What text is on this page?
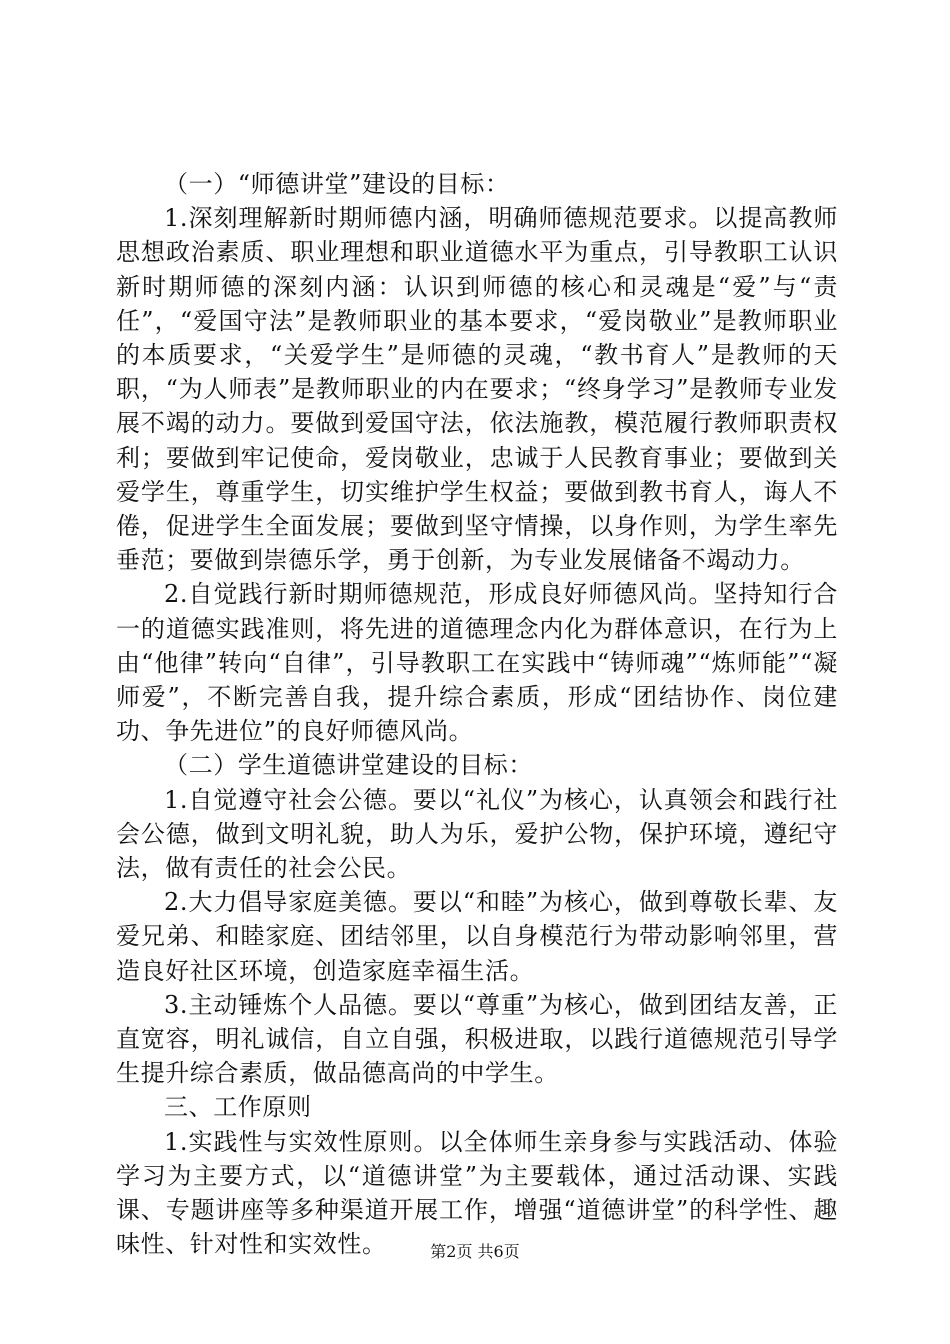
（一）“师德讲堂”建设的目标：

1.深刻理解新时期师德内涵，明确师德规范要求。以提高教师思想政治素质、职业理想和职业道德水平为重点，引导教职工认识新时期师德的深刻内涵：认识到师德的核心和灵魂是“爱”与“责任”，“爱国守法”是教师职业的基本要求，“爱岗敬业”是教师职业的本质要求，“关爱学生”是师德的灵魂，“教书育人”是教师的天职，“为人师表”是教师职业的内在要求；“终身学习”是教师专业发展不竭的动力。要做到爱国守法，依法施教，模范履行教师职责权利；要做到牢记使命，爱岗敬业，忠诚于人民教育事业；要做到关爱学生，尊重学生，切实维护学生权益；要做到教书育人，诲人不倦，促进学生全面发展；要做到坚守情操，以身作则，为学生率先垂范；要做到崇德乐学，勇于创新，为专业发展储备不竭动力。

2.自觉践行新时期师德规范，形成良好师德风尚。坚持知行合一的道德实践准则，将先进的道德理念内化为群体意识，在行为上由“他律”转向“自律”，引导教职工在实践中“铸师魂”“炼师能”“凝师爱”，不断完善自我，提升综合素质，形成“团结协作、岗位建功、争先进位”的良好师德风尚。

（二）学生道德讲堂建设的目标：

1.自觉遵守社会公德。要以“礼仪”为核心，认真领会和践行社会公德，做到文明礼貌，助人为乐，爱护公物，保护环境，遵纪守法，做有责任的社会公民。

2.大力倡导家庭美德。要以“和睦”为核心，做到尊敬长辈、友爱兄弟、和睦家庭、团结邻里，以自身模范行为带动影响邻里，营造良好社区环境，创造家庭幸福生活。

3.主动锤炼个人品德。要以“尊重”为核心，做到团结友善，正直宽容，明礼诚信，自立自强，积极进取，以践行道德规范引导学生提升综合素质，做品德高尚的中学生。

三、工作原则

1.实践性与实效性原则。以全体师生亲身参与实践活动、体验学习为主要方式，以“道德讲堂”为主要载体，通过活动课、实践课、专题讲座等多种渠道开展工作，增强“道德讲堂”的科学性、趣味性、针对性和实效性。	第2页 共6页
